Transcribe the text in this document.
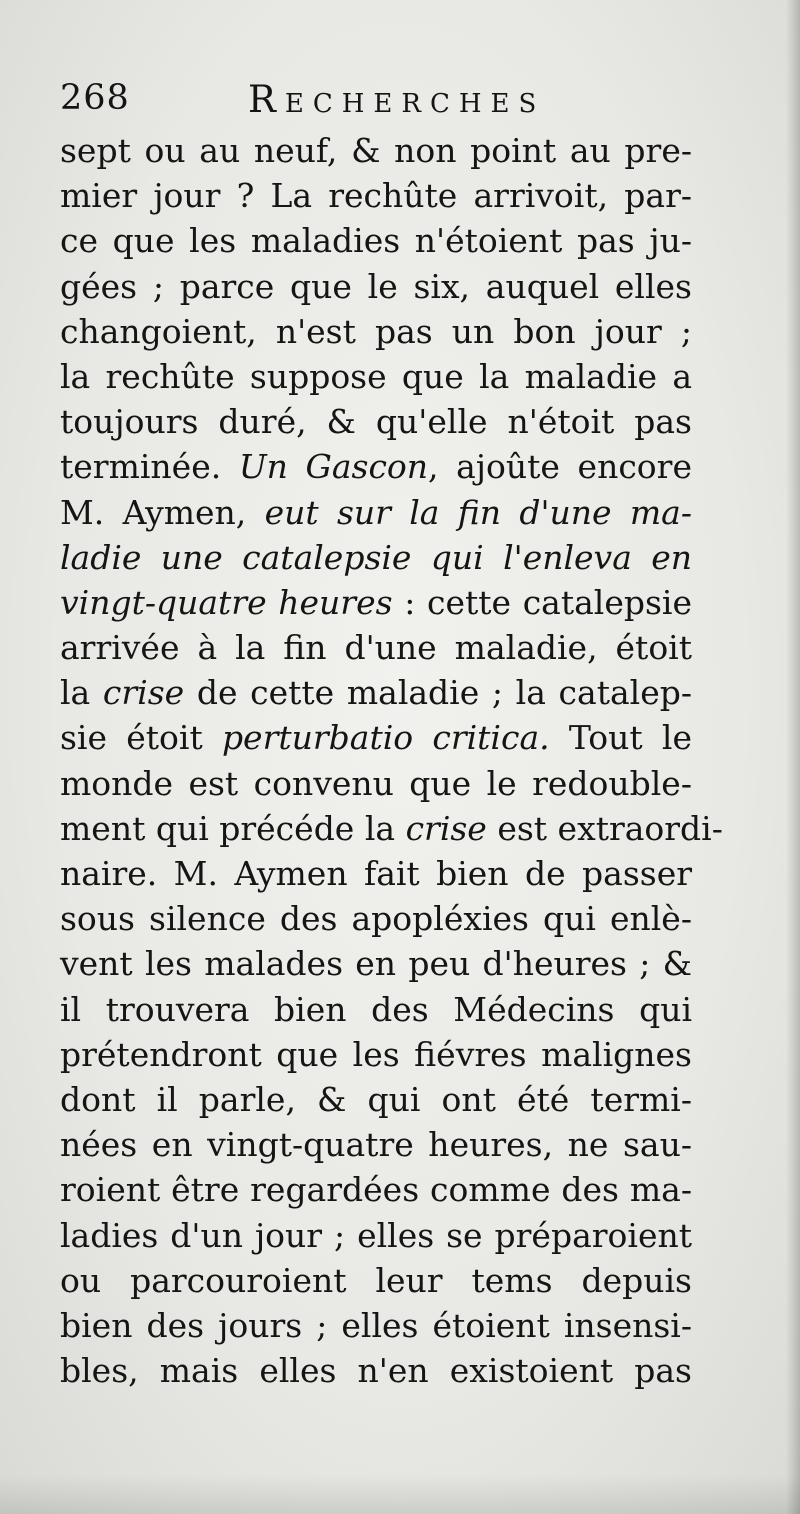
268	Recherches
sept ou au neuf, & non point au pre-
mier jour ? La rechûte arrivoit, par-
ce que les maladies n'étoient pas ju-
gées ; parce que le six, auquel elles
changoient, n'est pas un bon jour ;
la rechûte suppose que la maladie a
toujours duré, & qu'elle n'étoit pas
terminée. Un Gascon, ajoûte encore
M. Aymen, eut sur la fin d'une ma-
ladie une catalepsie qui l'enleva en
vingt-quatre heures : cette catalepsie
arrivée à la fin d'une maladie, étoit
la crise de cette maladie ; la catalep-
sie étoit perturbatio critica. Tout le
monde est convenu que le redouble-
ment qui précéde la crise est extraordi-
naire. M. Aymen fait bien de passer
sous silence des apopléxies qui enlè-
vent les malades en peu d'heures ; &
il trouvera bien des Médecins qui
prétendront que les fiévres malignes
dont il parle, & qui ont été termi-
nées en vingt-quatre heures, ne sau-
roient être regardées comme des ma-
ladies d'un jour ; elles se préparoient
ou parcouroient leur tems depuis
bien des jours ; elles étoient insensi-
bles, mais elles n'en existoient pas
